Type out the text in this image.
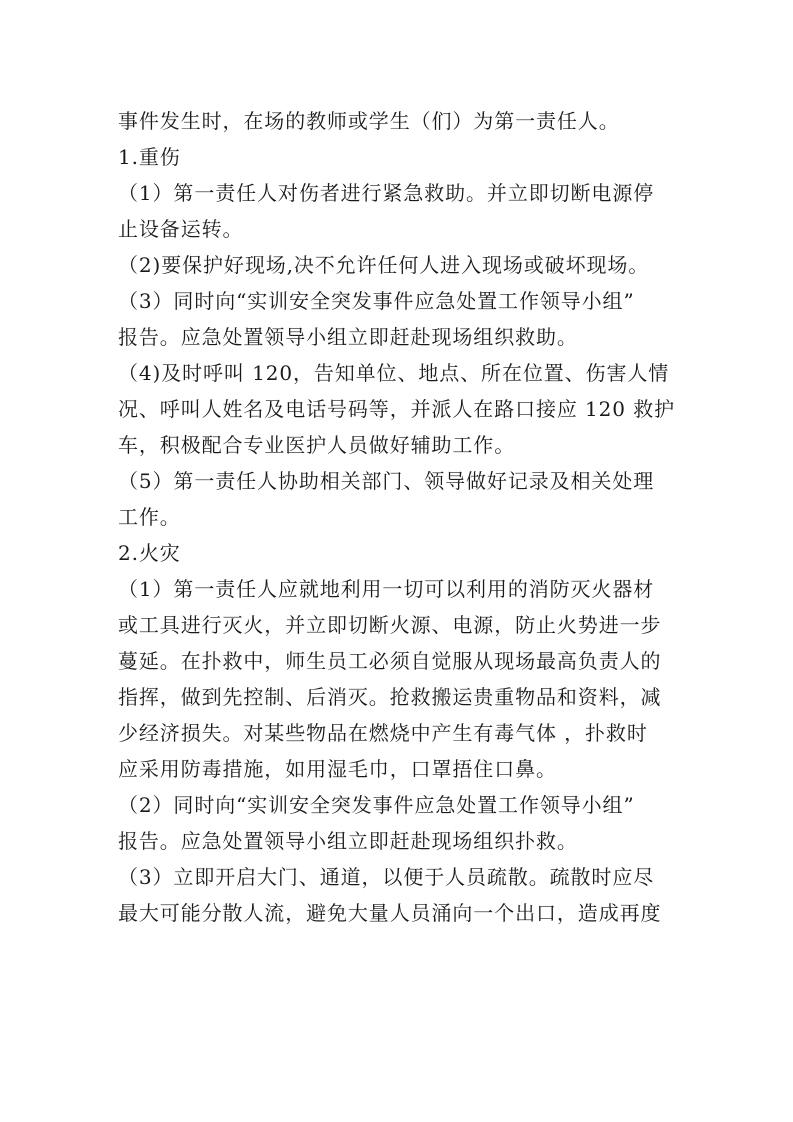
事件发生时，在场的教师或学生（们）为第一责任人。
1.重伤
（1）第一责任人对伤者进行紧急救助。并立即切断电源停
止设备运转。
（2)要保护好现场,决不允许任何人进入现场或破坏现场。
（3）同时向“实训安全突发事件应急处置工作领导小组”
报告。应急处置领导小组立即赶赴现场组织救助。
（4)及时呼叫 120，告知单位、地点、所在位置、伤害人情
况、呼叫人姓名及电话号码等，并派人在路口接应 120 救护
车，积极配合专业医护人员做好辅助工作。
（5）第一责任人协助相关部门、领导做好记录及相关处理
工作。
2.火灾
（1）第一责任人应就地利用一切可以利用的消防灭火器材
或工具进行灭火，并立即切断火源、电源，防止火势进一步
蔓延。在扑救中，师生员工必须自觉服从现场最高负责人的
指挥，做到先控制、后消灭。抢救搬运贵重物品和资料，减
少经济损失。对某些物品在燃烧中产生有毒气体 ，扑救时
应采用防毒措施，如用湿毛巾，口罩捂住口鼻。
（2）同时向“实训安全突发事件应急处置工作领导小组”
报告。应急处置领导小组立即赶赴现场组织扑救。
（3）立即开启大门、通道，以便于人员疏散。疏散时应尽
最大可能分散人流，避免大量人员涌向一个出口，造成再度
